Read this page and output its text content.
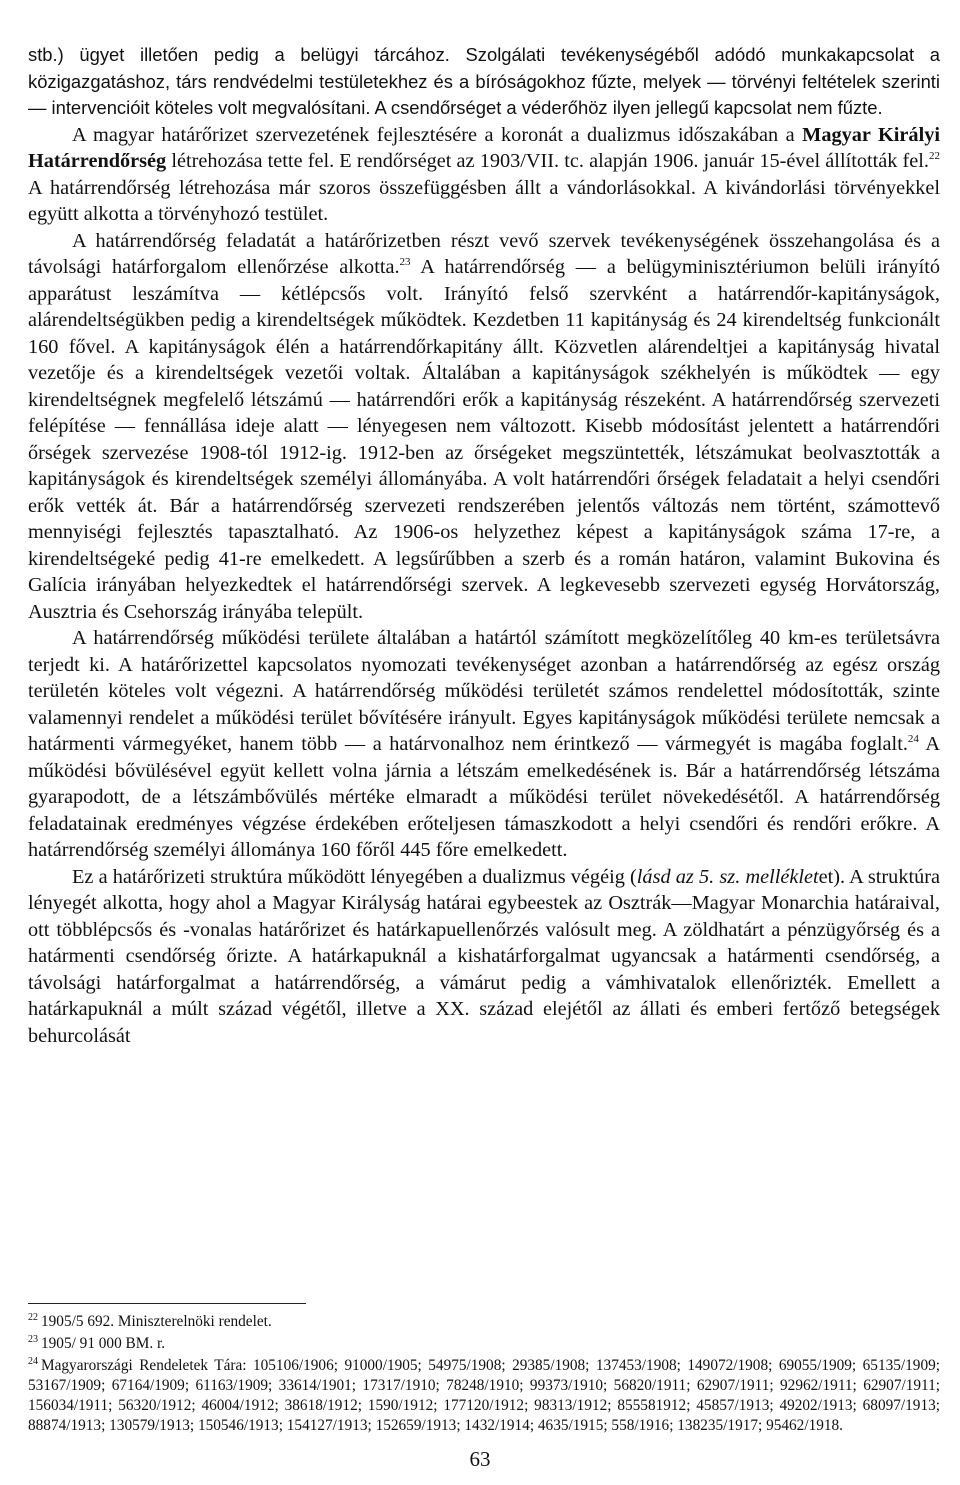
stb.) ügyet illetően pedig a belügyi tárcához. Szolgálati tevékenységéből adódó munkakapcsolat a közigazgatáshoz, társ rendvédelmi testületekhez és a bíróságokhoz fűzte, melyek — törvényi feltételek szerinti — intervencióit köteles volt megvalósítani. A csendőrséget a véderőhöz ilyen jellegű kapcsolat nem fűzte.

A magyar határőrizet szervezetének fejlesztésére a koronát a dualizmus időszakában a Magyar Királyi Határrendőrség létrehozása tette fel. E rendőrséget az 1903/VII. tc. alapján 1906. január 15-ével állították fel.$^{22}$ A határrendőrség létrehozása már szoros összefüggésben állt a vándorlásokkal. A kivándorlási törvényekkel együtt alkotta a törvényhozó testület.

A határrendőrség feladatát a határőrizetben részt vevő szervek tevékenységének összehangolása és a távolsági határforgalom ellenőrzése alkotta.$^{23}$ A határrendőrség — a belügyminisztériumon belüli irányító apparátust leszámítva — kétlépcsős volt. Irányító felső szervként a határrendőr-kapitányságok, alárendeltségükben pedig a kirendeltségek működtek. Kezdetben 11 kapitányság és 24 kirendeltség funkcionált 160 fővel. A kapitányságok élén a határrendőrkapitány állt. Közvetlen alárendeltjei a kapitányság hivatal vezetője és a kirendeltségek vezetői voltak. Általában a kapitányságok székhelyén is működtek — egy kirendeltségnek megfelelő létszámú — határrendőri erők a kapitányság részeként. A határrendőrség szervezeti felépítése — fennállása ideje alatt — lényegesen nem változott. Kisebb módosítást jelentett a határrendőri őrségek szervezése 1908-tól 1912-ig. 1912-ben az őrségeket megszüntették, létszámukat beolvasztották a kapitányságok és kirendeltségek személyi állományába. A volt határrendőri őrségek feladatait a helyi csendőri erők vették át. Bár a határrendőrség szervezeti rendszerében jelentős változás nem történt, számottevő mennyiségi fejlesztés tapasztalható. Az 1906-os helyzethez képest a kapitányságok száma 17-re, a kirendeltségeké pedig 41-re emelkedett. A legsűrűbben a szerb és a román határon, valamint Bukovina és Galícia irányában helyezkedtek el határrendőrségi szervek. A legkevesebb szervezeti egység Horvátország, Ausztria és Csehország irányába települt.

A határrendőrség működési területe általában a határtól számított megközelítőleg 40 km-es területsávra terjedt ki. A határőrizettel kapcsolatos nyomozati tevékenységet azonban a határrendőrség az egész ország területén köteles volt végezni. A határrendőrség működési területét számos rendelettel módosították, szinte valamennyi rendelet a működési terület bővítésére irányult. Egyes kapitányságok működési területe nemcsak a határmenti vármegyéket, hanem több — a határvonalhoz nem érintkező — vármegyét is magába foglalt.$^{24}$ A működési bővülésével együt kellett volna járnia a létszám emelkedésének is. Bár a határrendőrség létszáma gyarapodott, de a létszámbővülés mértéke elmaradt a működési terület növekedésétől. A határrendőrség feladatainak eredményes végzése érdekében erőteljesen támaszkodott a helyi csendőri és rendőri erőkre. A határrendőrség személyi állománya 160 főről 445 főre emelkedett.

Ez a határőrizeti struktúra működött lényegében a dualizmus végéig (lásd az 5. sz. mellékletet). A struktúra lényegét alkotta, hogy ahol a Magyar Királyság határai egybeestek az Osztrák—Magyar Monarchia határaival, ott többlépcsős és -vonalas határőrizet és határkapuellenőrzés valósult meg. A zöldhatárt a pénzügyőrség és a határmenti csendőrség őrizte. A határkapuknál a kishatárforgalmat ugyancsak a határmenti csendőrség, a távolsági határforgalmat a határrendőrség, a vámárut pedig a vámhivatalok ellenőrizték. Emellett a határkapuknál a múlt század végétől, illetve a XX. század elejétől az állati és emberi fertőző betegségek behurcolását

$^{22}$ 1905/5 692. Miniszterelnöki rendelet.

$^{23}$ 1905/ 91 000 BM. r.

$^{24}$ Magyarországi Rendeletek Tára: 105106/1906; 91000/1905; 54975/1908; 29385/1908; 137453/1908; 149072/1908; 69055/1909; 65135/1909; 53167/1909; 67164/1909; 61163/1909; 33614/1901; 17317/1910; 78248/1910; 99373/1910; 56820/1911; 62907/1911; 92962/1911; 62907/1911; 156034/1911; 56320/1912; 46004/1912; 38618/1912; 1590/1912; 177120/1912; 98313/1912; 855581912; 45857/1913; 49202/1913; 68097/1913; 88874/1913; 130579/1913; 150546/1913; 154127/1913; 152659/1913; 1432/1914; 4635/1915; 558/1916; 138235/1917; 95462/1918.

63
